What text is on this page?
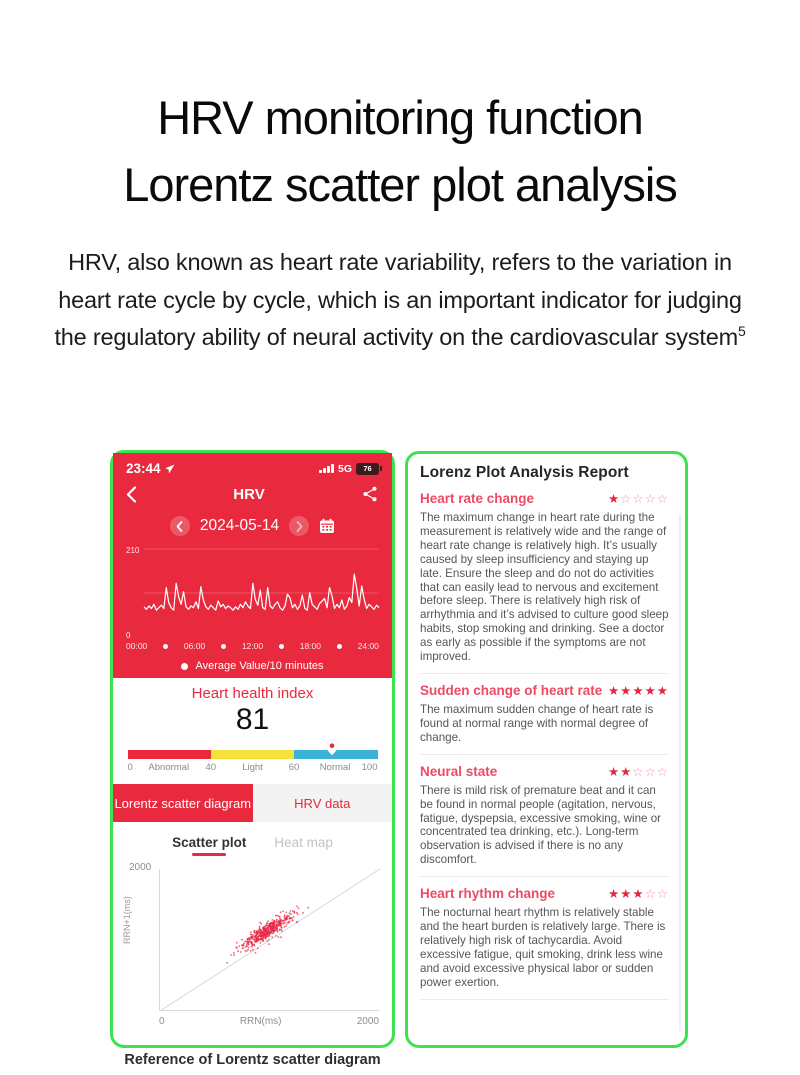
HRV monitoring function
Lorentz scatter plot analysis
HRV, also known as heart rate variability, refers to the variation in heart rate cycle by cycle, which is an important indicator for judging the regulatory ability of neural activity on the cardiovascular system$^5$
23:44	5G 76
HRV
2024-05-14
210
0
00:00	06:00	12:00	18:00	24:00
Average Value/10 minutes
Heart health index
81
0 Abnormal 40	Light	60 Normal 100
Lorentz scatter diagram	HRV data
Scatter plot Heat map
2000
RRN+1(ms)
0	RRN(ms)	2000
Reference of Lorentz scatter diagram
Lorenz Plot Analysis Report
Heart rate change	★☆☆☆☆
The maximum change in heart rate during the measurement is relatively wide and the range of heart rate change is relatively high. It’s usually caused by sleep insufficiency and staying up late. Ensure the sleep and do not do activities that can easily lead to nervous and excitement before sleep. There is relatively high risk of arrhythmia and it’s advised to culture good sleep habits, stop smoking and drinking. See a doctor as early as possible if the symptoms are not improved.
Sudden change of heart rate ★★★★★
The maximum sudden change of heart rate is found at normal range with normal degree of change.
Neural state	★★☆☆☆
There is mild risk of premature beat and it can be found in normal people (agitation, nervous, fatigue, dyspepsia, excessive smoking, wine or concentrated tea drinking, etc.). Long-term observation is advised if there is no any discomfort.
Heart rhythm change	★★★☆☆
The nocturnal heart rhythm is relatively stable and the heart burden is relatively large. There is relatively high risk of tachycardia. Avoid excessive fatigue, quit smoking, drink less wine and avoid excessive physical labor or sudden power exertion.
